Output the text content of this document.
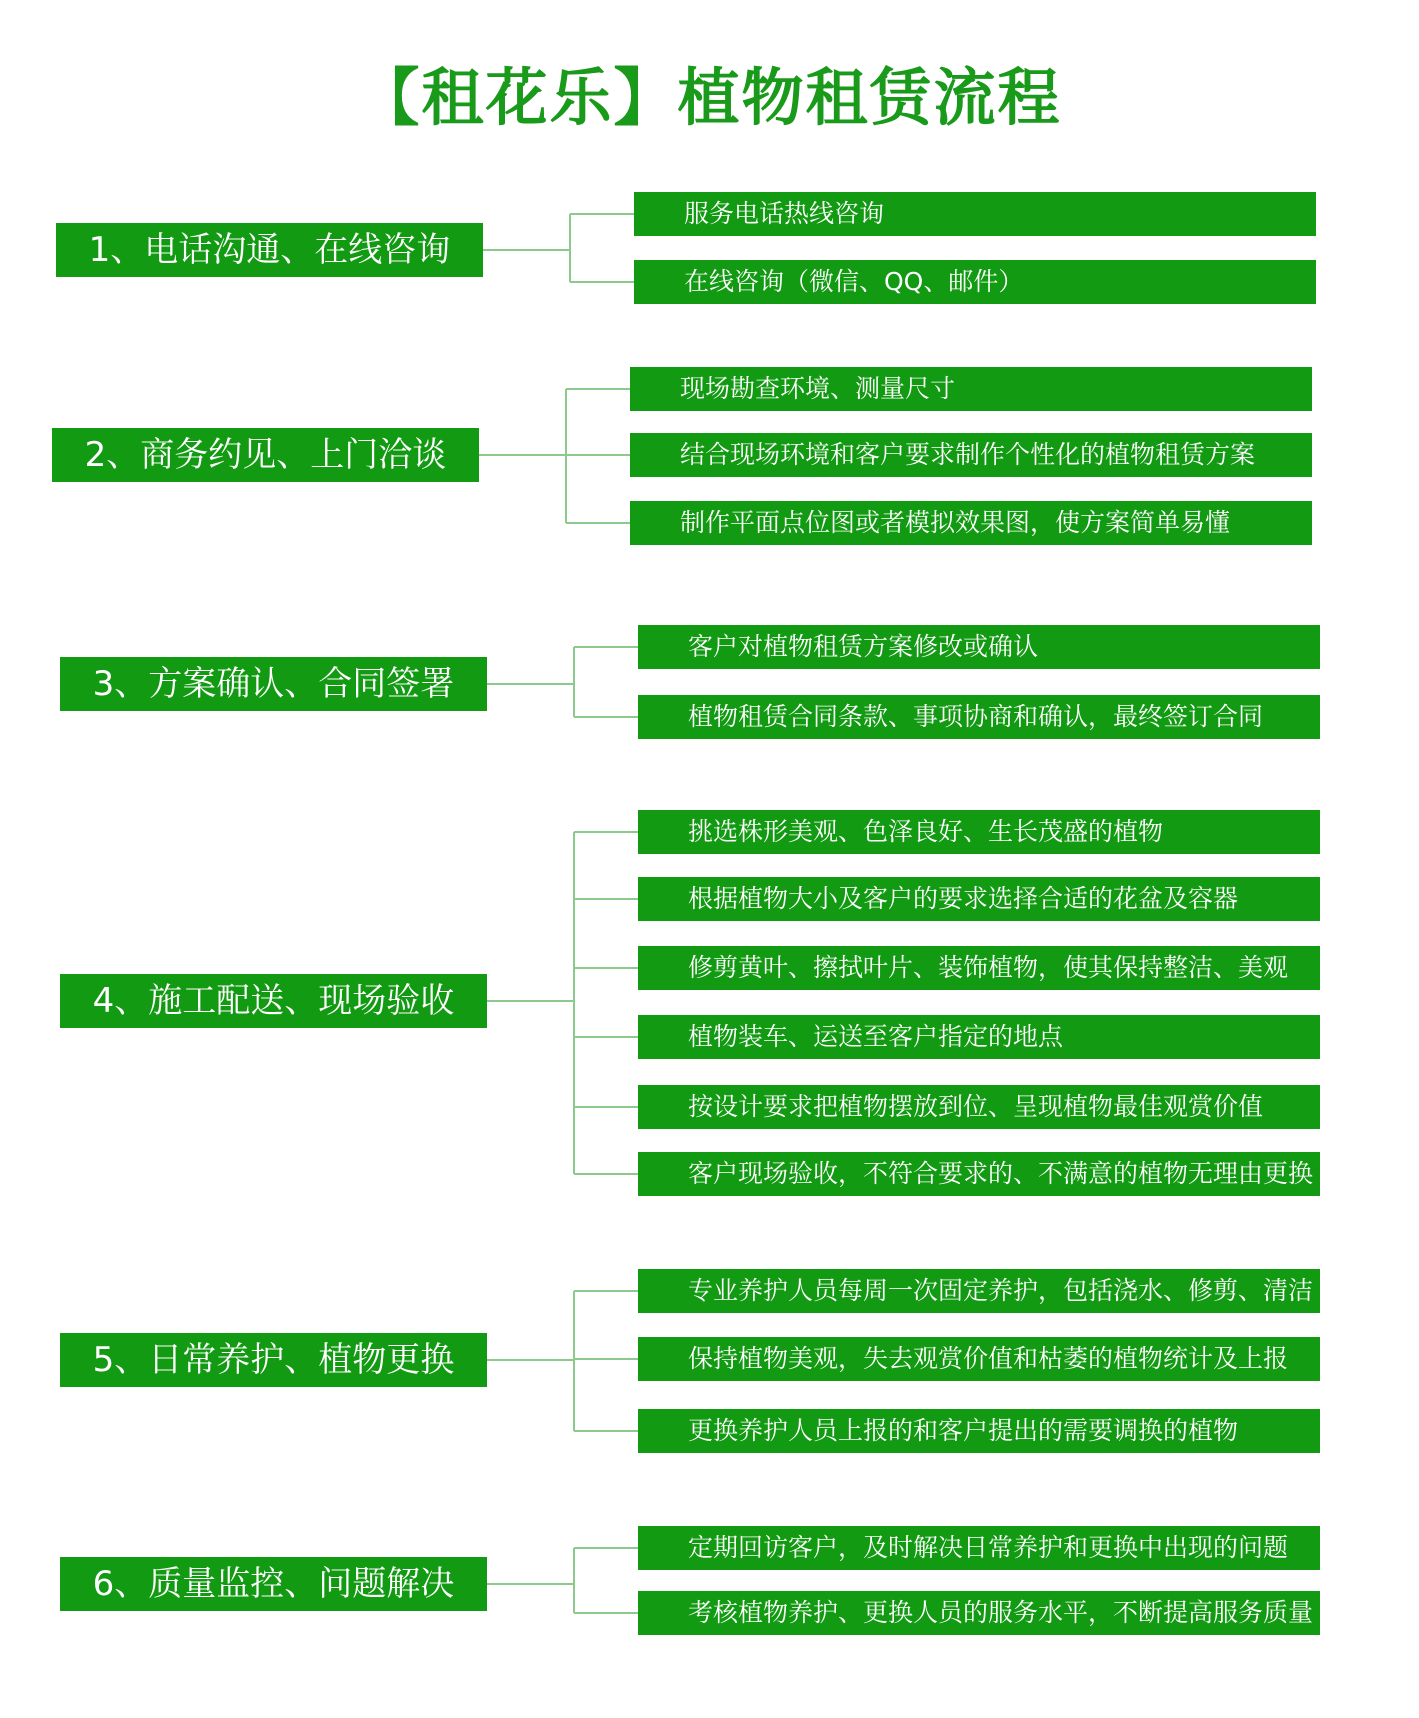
【租花乐】植物租赁流程
1、电话沟通、在线咨询
服务电话热线咨询
在线咨询（微信、QQ、邮件）
2、商务约见、上门洽谈
现场勘查环境、测量尺寸
结合现场环境和客户要求制作个性化的植物租赁方案
制作平面点位图或者模拟效果图，使方案简单易懂
3、方案确认、合同签署
客户对植物租赁方案修改或确认
植物租赁合同条款、事项协商和确认，最终签订合同
4、施工配送、现场验收
挑选株形美观、色泽良好、生长茂盛的植物
根据植物大小及客户的要求选择合适的花盆及容器
修剪黄叶、擦拭叶片、装饰植物，使其保持整洁、美观
植物装车、运送至客户指定的地点
按设计要求把植物摆放到位、呈现植物最佳观赏价值
客户现场验收，不符合要求的、不满意的植物无理由更换
5、日常养护、植物更换
专业养护人员每周一次固定养护，包括浇水、修剪、清洁
保持植物美观，失去观赏价值和枯萎的植物统计及上报
更换养护人员上报的和客户提出的需要调换的植物
6、质量监控、问题解决
定期回访客户，及时解决日常养护和更换中出现的问题
考核植物养护、更换人员的服务水平，不断提高服务质量
